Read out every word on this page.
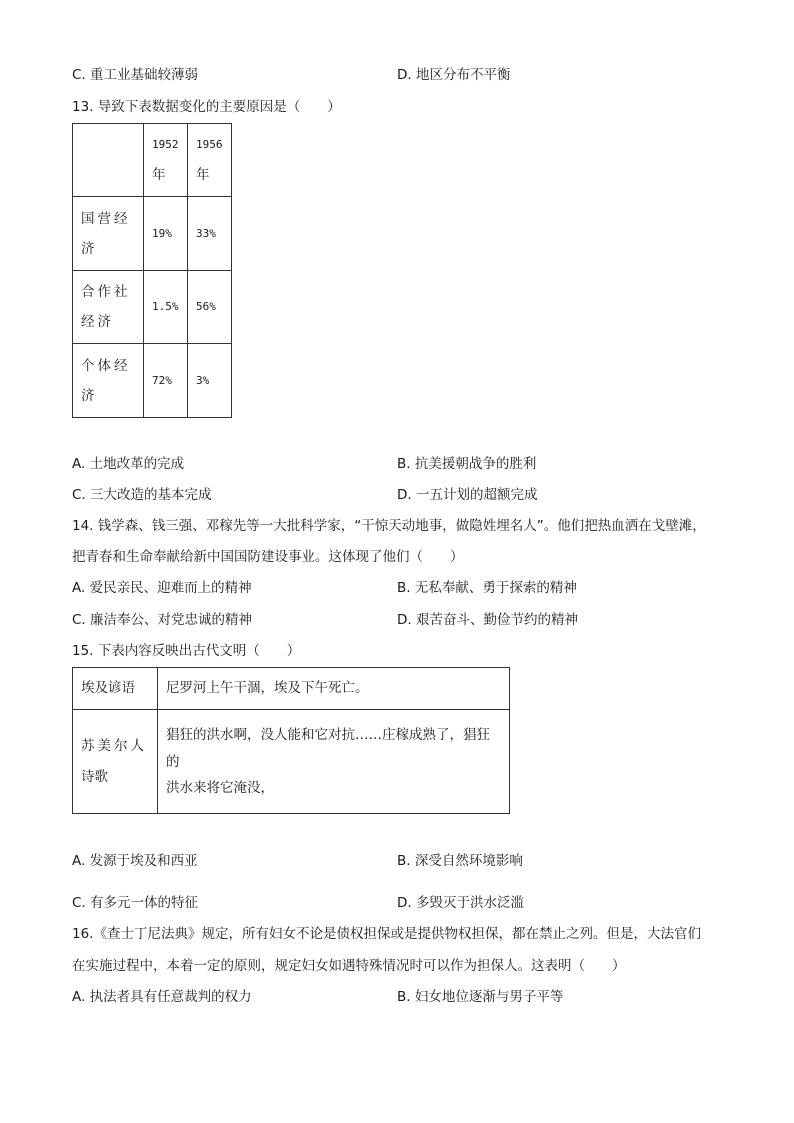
C. 重工业基础较薄弱	D. 地区分布不平衡
13. 导致下表数据变化的主要原因是（　　）

	1952
年	1956
年

国营经
济	19%	33%

合作社
经济	1.5%	56%

个体经
济	72%	3%
A. 土地改革的完成	B. 抗美援朝战争的胜利
C. 三大改造的基本完成	D. 一五计划的超额完成
14. 钱学森、钱三强、邓稼先等一大批科学家，“干惊天动地事，做隐姓埋名人”。他们把热血洒在戈壁滩，
把青春和生命奉献给新中国国防建设事业。这体现了他们（　　）
A. 爱民亲民、迎难而上的精神	B. 无私奉献、勇于探索的精神
C. 廉洁奉公、对党忠诚的精神	D. 艰苦奋斗、勤俭节约的精神
15. 下表内容反映出古代文明（　　）
埃及谚语	尼罗河上午干涸，埃及下午死亡。

苏美尔人
诗歌	猖狂的洪水啊，没人能和它对抗……庄稼成熟了，猖狂
的
洪水来将它淹没，
A. 发源于埃及和西亚	B. 深受自然环境影响
C. 有多元一体的特征	D. 多毁灭于洪水泛滥
16.《查士丁尼法典》规定，所有妇女不论是债权担保或是提供物权担保，都在禁止之列。但是，大法官们
在实施过程中，本着一定的原则，规定妇女如遇特殊情况时可以作为担保人。这表明（　　）
A. 执法者具有任意裁判的权力	B. 妇女地位逐渐与男子平等
